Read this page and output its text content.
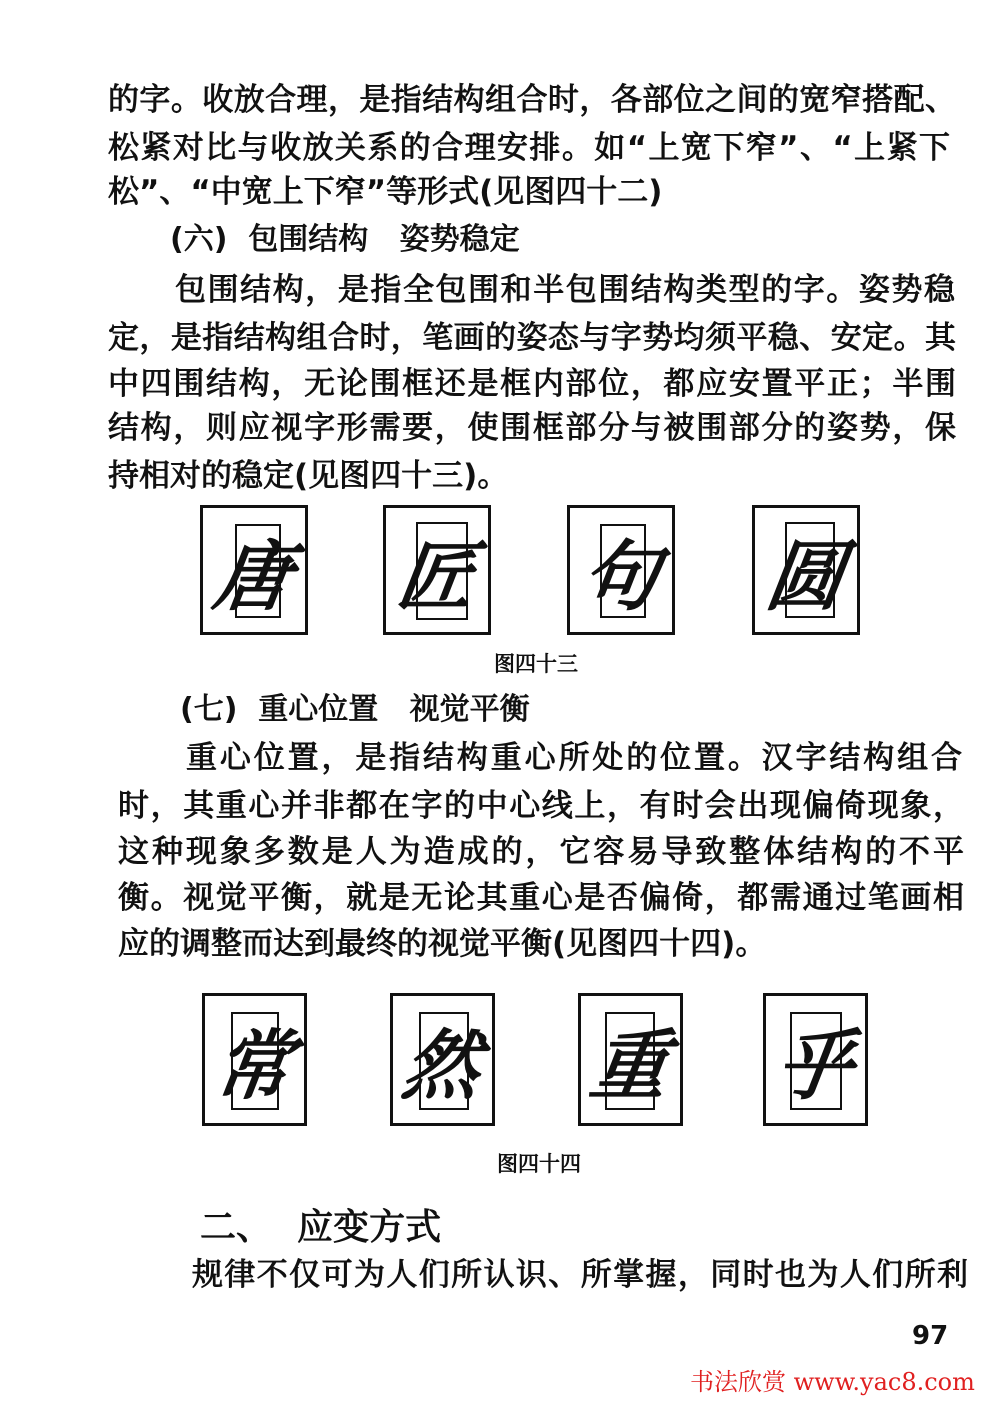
的字。收放合理，是指结构组合时，各部位之间的宽窄搭配、
松紧对比与收放关系的合理安排。如“上宽下窄”、“上紧下
松”、“中宽上下窄”等形式(见图四十二)
(六)  包围结构   姿势稳定
包围结构，是指全包围和半包围结构类型的字。姿势稳
定，是指结构组合时，笔画的姿态与字势均须平稳、安定。其
中四围结构，无论围框还是框内部位，都应安置平正；半围
结构，则应视字形需要，使围框部分与被围部分的姿势，保
持相对的稳定(见图四十三)。
唐 匠 句 圆
图四十三
(七)  重心位置   视觉平衡
重心位置，是指结构重心所处的位置。汉字结构组合
时，其重心并非都在字的中心线上，有时会出现偏倚现象，
这种现象多数是人为造成的，它容易导致整体结构的不平
衡。视觉平衡，就是无论其重心是否偏倚，都需通过笔画相
应的调整而达到最终的视觉平衡(见图四十四)。
常 然 重 乎
图四十四
二、  应变方式
规律不仅可为人们所认识、所掌握，同时也为人们所利
97
书法欣赏 www.yac8.com
